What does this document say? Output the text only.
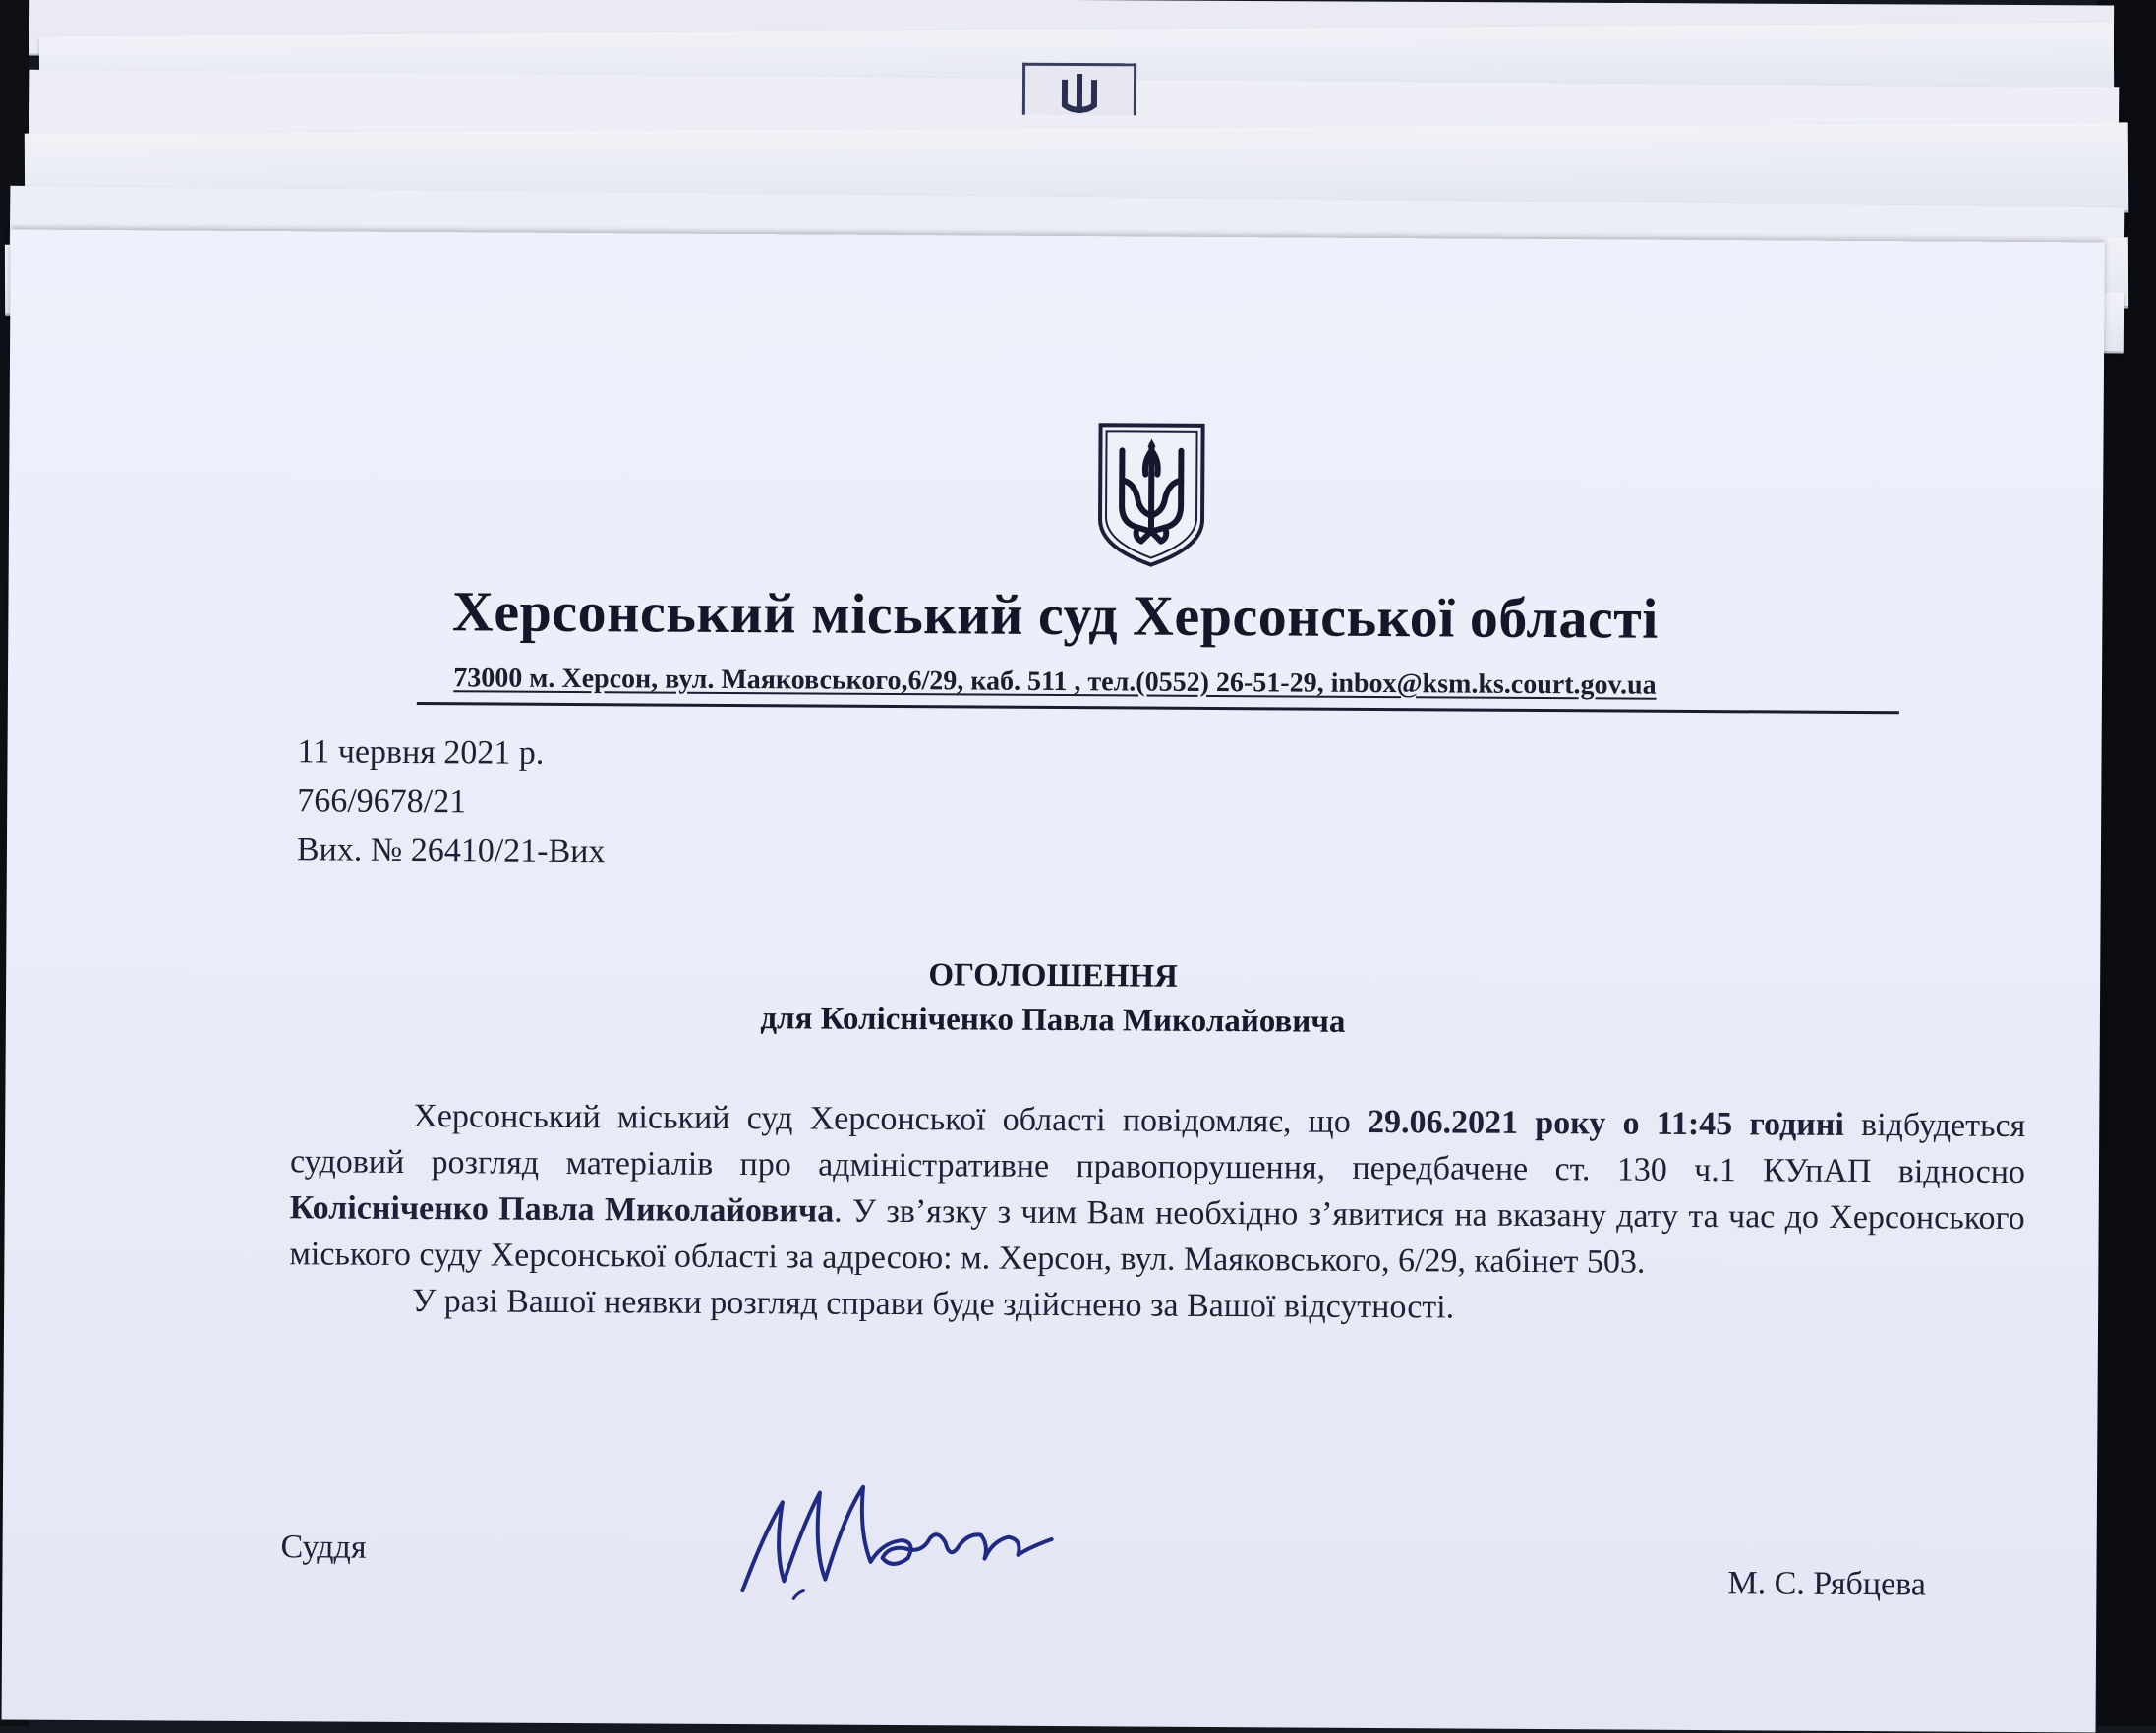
Херсонський міський суд Херсонської області
73000 м. Херсон, вул. Маяковського,6/29, каб. 511 , тел.(0552) 26-51-29, inbox@ksm.ks.court.gov.ua
11 червня 2021 р.
766/9678/21
Вих. № 26410/21-Вих
ОГОЛОШЕННЯ
для Колісніченко Павла Миколайовича

Херсонський міський суд Херсонської області повідомляє, що 29.06.2021 року о 11:45 годині відбудеться судовий розгляд матеріалів про адміністративне правопорушення, передбачене ст. 130 ч.1 КУпАП відносно Колісніченко Павла Миколайовича. У зв’язку з чим Вам необхідно з’явитися на вказану дату та час до Херсонського міського суду Херсонської області за адресою: м. Херсон, вул. Маяковського, 6/29, кабінет 503.

У разі Вашої неявки розгляд справи буде здійснено за Вашої відсутності.

Суддя
М. С. Рябцева
